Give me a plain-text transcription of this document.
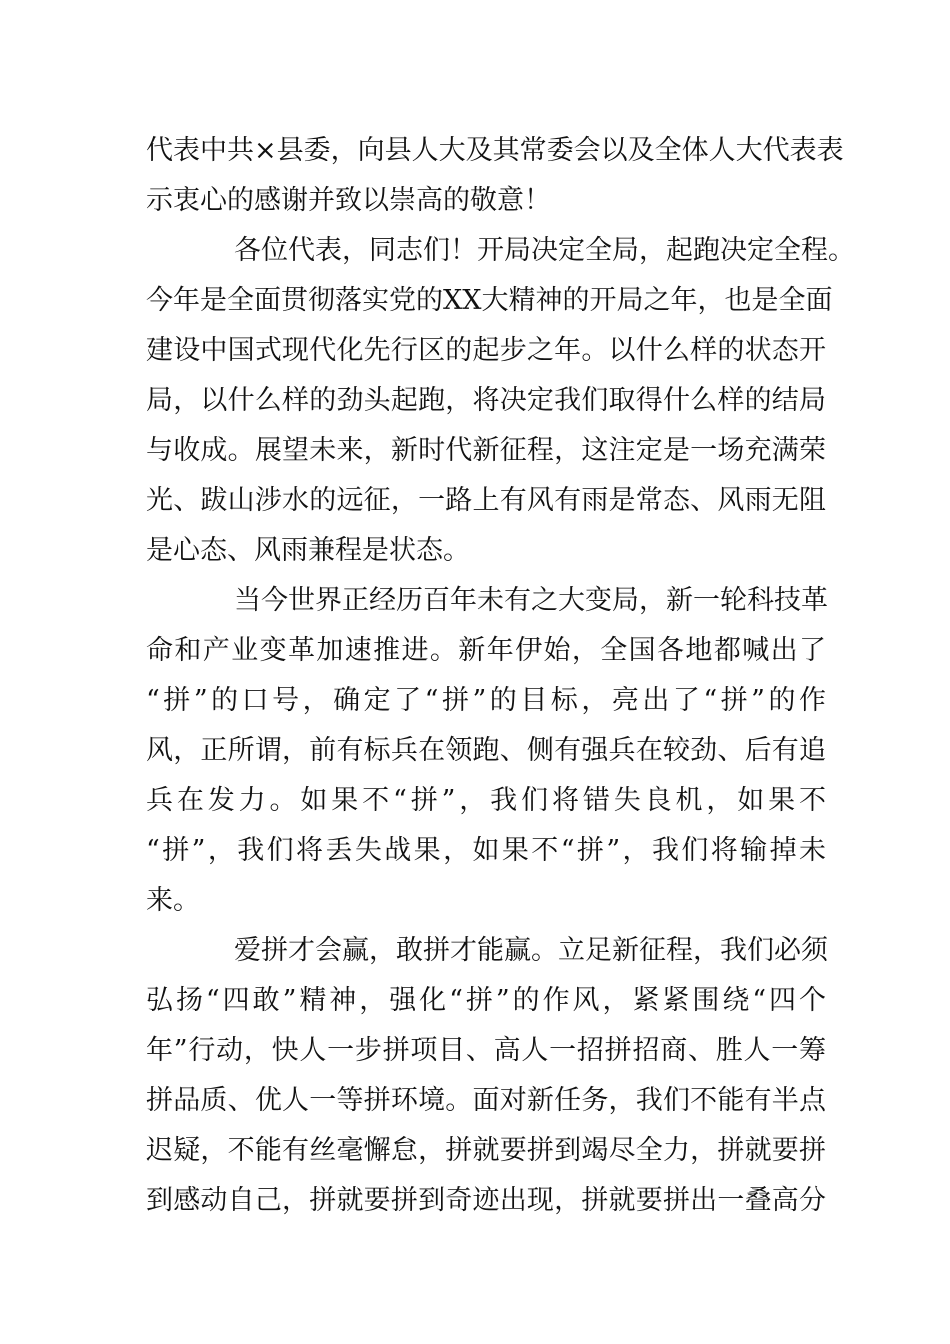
代表中共×县委，向县人大及其常委会以及全体人大代表表
示衷心的感谢并致以崇高的敬意！
各位代表，同志们！开局决定全局，起跑决定全程。
今年是全面贯彻落实党的XX大精神的开局之年，也是全面
建设中国式现代化先行区的起步之年。以什么样的状态开
局，以什么样的劲头起跑，将决定我们取得什么样的结局
与收成。展望未来，新时代新征程，这注定是一场充满荣
光、跋山涉水的远征，一路上有风有雨是常态、风雨无阻
是心态、风雨兼程是状态。
当今世界正经历百年未有之大变局，新一轮科技革
命和产业变革加速推进。新年伊始，全国各地都喊出了
“拼”的口号，确定了“拼”的目标，亮出了“拼”的作
风，正所谓，前有标兵在领跑、侧有强兵在较劲、后有追
兵在发力。如果不“拼”，我们将错失良机，如果不
“拼”，我们将丢失战果，如果不“拼”，我们将输掉未
来。
爱拼才会赢，敢拼才能赢。立足新征程，我们必须
弘扬“四敢”精神，强化“拼”的作风，紧紧围绕“四个
年”行动，快人一步拼项目、高人一招拼招商、胜人一筹
拼品质、优人一等拼环境。面对新任务，我们不能有半点
迟疑，不能有丝毫懈怠，拼就要拼到竭尽全力，拼就要拼
到感动自己，拼就要拼到奇迹出现，拼就要拼出一叠高分
